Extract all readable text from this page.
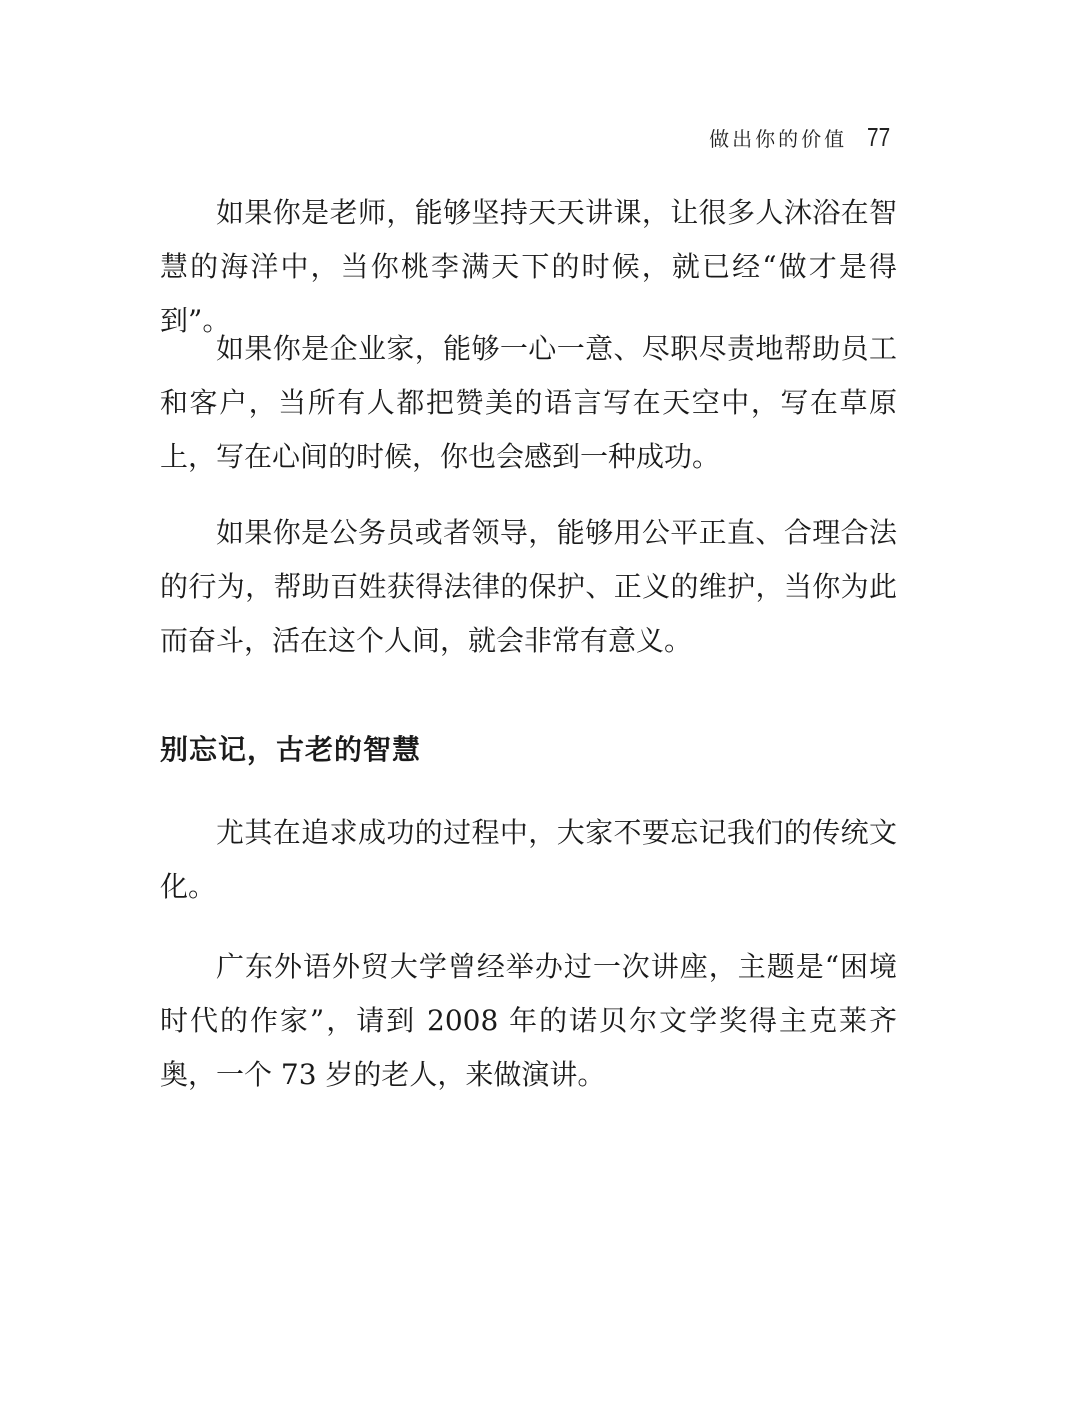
做出你的价值 77

如果你是老师，能够坚持天天讲课，让很多人沐浴在智慧的海洋中，当你桃李满天下的时候，就已经“做才是得到”。

如果你是企业家，能够一心一意、尽职尽责地帮助员工和客户，当所有人都把赞美的语言写在天空中，写在草原上，写在心间的时候，你也会感到一种成功。

如果你是公务员或者领导，能够用公平正直、合理合法的行为，帮助百姓获得法律的保护、正义的维护，当你为此而奋斗，活在这个人间，就会非常有意义。

别忘记，古老的智慧

尤其在追求成功的过程中，大家不要忘记我们的传统文化。

广东外语外贸大学曾经举办过一次讲座，主题是“困境时代的作家”，请到 2008 年的诺贝尔文学奖得主克莱齐奥，一个 73 岁的老人，来做演讲。
